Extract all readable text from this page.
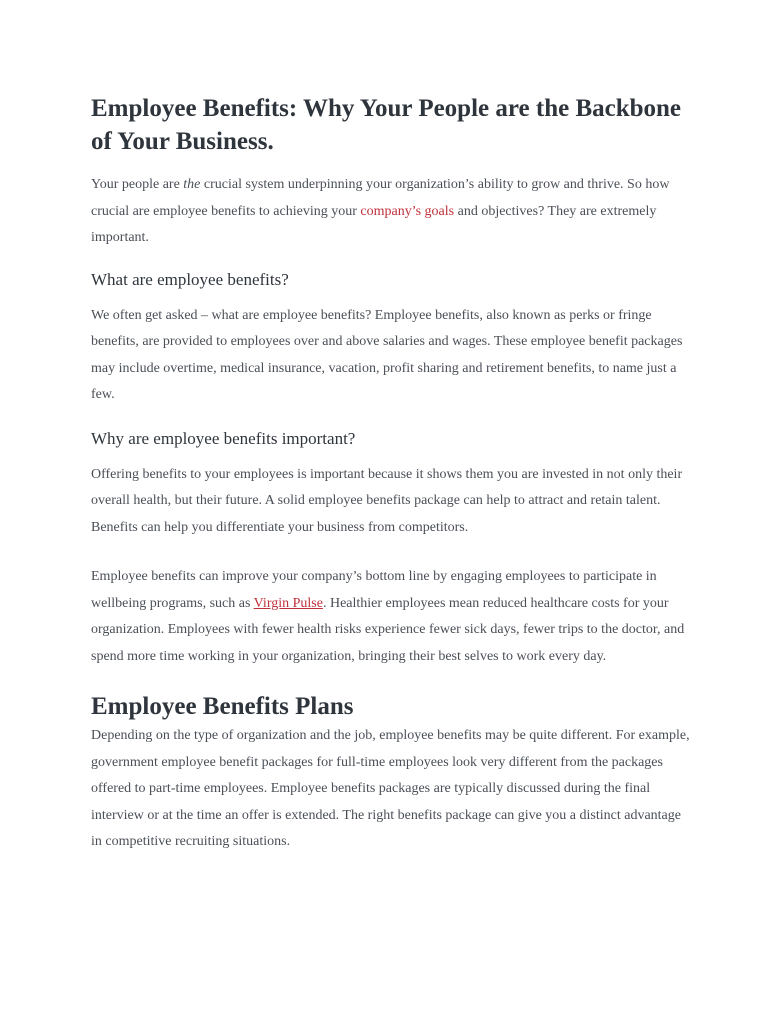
Employee Benefits: Why Your People are the Backbone of Your Business.

Your people are the crucial system underpinning your organization’s ability to grow and thrive. So how crucial are employee benefits to achieving your company’s goals and objectives? They are extremely important.

What are employee benefits?

We often get asked – what are employee benefits? Employee benefits, also known as perks or fringe benefits, are provided to employees over and above salaries and wages. These employee benefit packages may include overtime, medical insurance, vacation, profit sharing and retirement benefits, to name just a few.

Why are employee benefits important?

Offering benefits to your employees is important because it shows them you are invested in not only their overall health, but their future. A solid employee benefits package can help to attract and retain talent. Benefits can help you differentiate your business from competitors.

Employee benefits can improve your company’s bottom line by engaging employees to participate in wellbeing programs, such as Virgin Pulse. Healthier employees mean reduced healthcare costs for your organization. Employees with fewer health risks experience fewer sick days, fewer trips to the doctor, and spend more time working in your organization, bringing their best selves to work every day.

Employee Benefits Plans

Depending on the type of organization and the job, employee benefits may be quite different. For example, government employee benefit packages for full-time employees look very different from the packages offered to part-time employees. Employee benefits packages are typically discussed during the final interview or at the time an offer is extended. The right benefits package can give you a distinct advantage in competitive recruiting situations.
